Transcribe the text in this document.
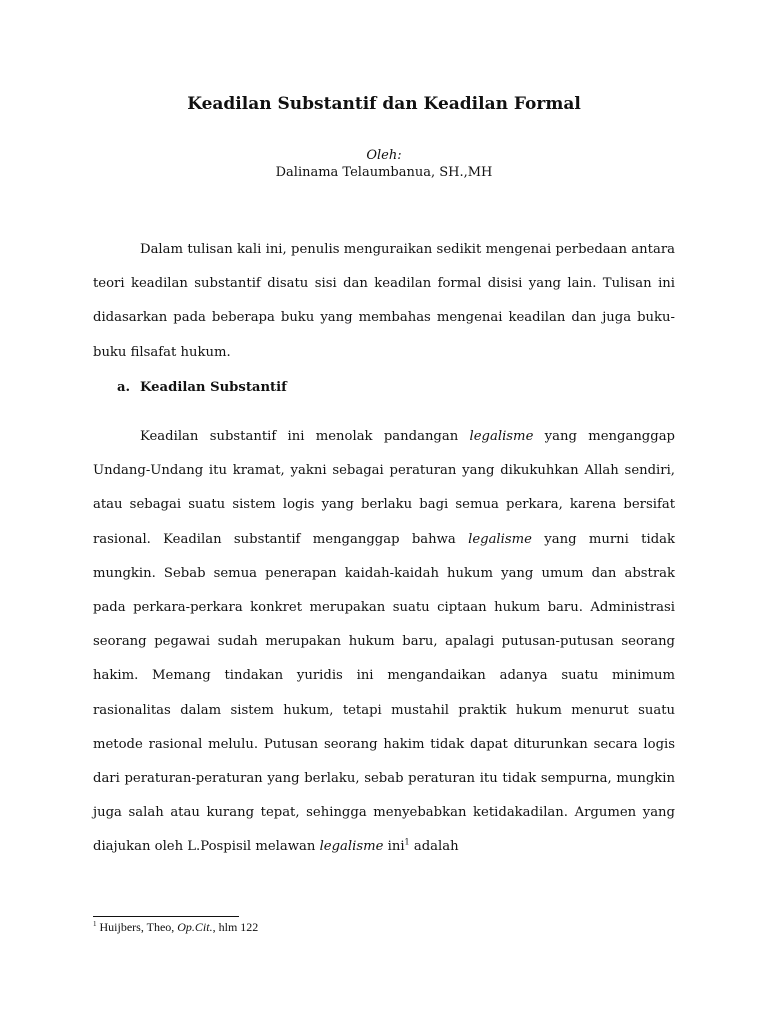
Keadilan Substantif dan Keadilan Formal
Oleh:
Dalinama Telaumbanua, SH.,MH

Dalam tulisan kali ini, penulis menguraikan sedikit mengenai perbedaan antara teori keadilan substantif disatu sisi dan keadilan formal disisi yang lain. Tulisan ini didasarkan pada beberapa buku yang membahas mengenai keadilan dan juga buku-buku filsafat hukum.

a. Keadilan Substantif

Keadilan substantif ini menolak pandangan legalisme yang menganggap Undang-Undang itu kramat, yakni sebagai peraturan yang dikukuhkan Allah sendiri, atau sebagai suatu sistem logis yang berlaku bagi semua perkara, karena bersifat rasional. Keadilan substantif menganggap bahwa legalisme yang murni tidak mungkin. Sebab semua penerapan kaidah-kaidah hukum yang umum dan abstrak pada perkara-perkara konkret merupakan suatu ciptaan hukum baru. Administrasi seorang pegawai sudah merupakan hukum baru, apalagi putusan-putusan seorang hakim. Memang tindakan yuridis ini mengandaikan adanya suatu minimum rasionalitas dalam sistem hukum, tetapi mustahil praktik hukum menurut suatu metode rasional melulu. Putusan seorang hakim tidak dapat diturunkan secara logis dari peraturan-peraturan yang berlaku, sebab peraturan itu tidak sempurna, mungkin juga salah atau kurang tepat, sehingga menyebabkan ketidakadilan. Argumen yang diajukan oleh L.Pospisil melawan legalisme ini$^1$ adalah

$^1$ Huijbers, Theo, Op.Cit., hlm 122
